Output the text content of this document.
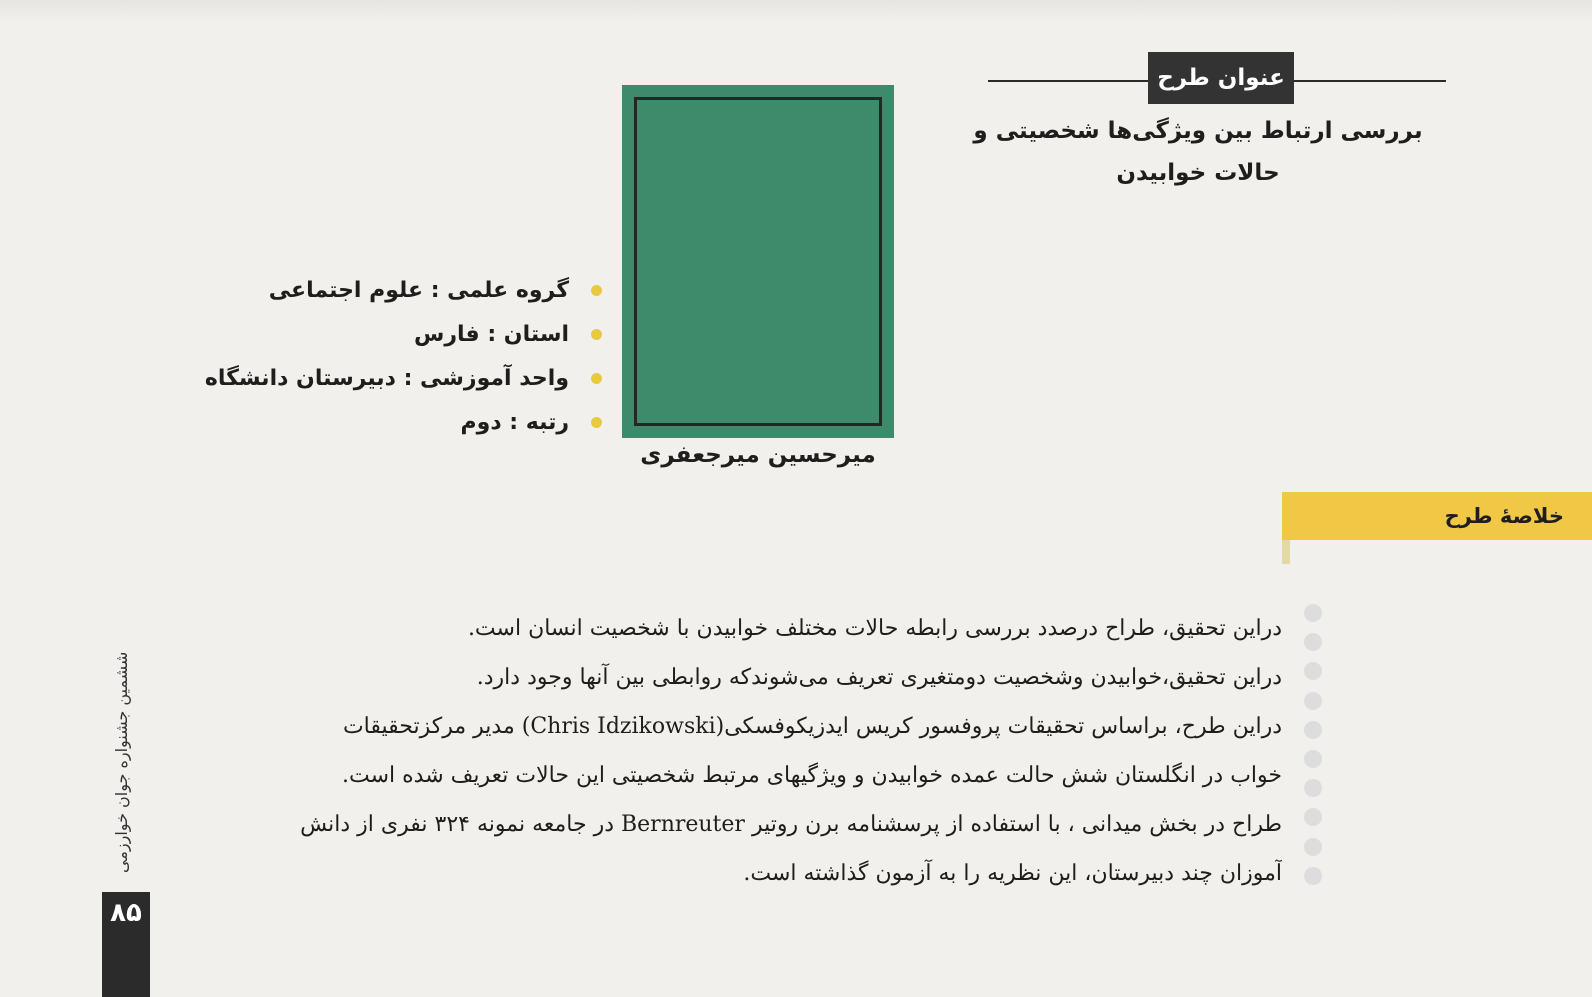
عنوان طرح
بررسی ارتباط بین ویژگی‌ها شخصیتی و
حالات خوابیدن
میرحسین میرجعفری
گروه علمی : علوم اجتماعی
استان : فارس
واحد آموزشی : دبیرستان دانشگاه
رتبه : دوم
خلاصهٔ طرح
دراین تحقیق، طراح درصدد بررسی رابطه حالات مختلف خوابیدن با شخصیت انسان است.
دراین تحقیق،خوابیدن وشخصیت دومتغیری تعریف می‌شوندکه روابطی بین آنها وجود دارد.
دراین طرح، براساس تحقیقات پروفسور کریس ایدزیکوفسکی(Chris Idzikowski) مدیر مرکزتحقیقات
خواب در انگلستان شش حالت عمده خوابیدن و ویژگیهای مرتبط شخصیتی این حالات تعریف شده است.
طراح در بخش میدانی ، با استفاده از پرسشنامه برن روتیر Bernreuter در جامعه نمونه ۳۲۴ نفری از دانش
آموزان چند دبیرستان، این نظریه را به آزمون گذاشته است.
ششمین جشنواره جوان خوارزمی
۸۵
